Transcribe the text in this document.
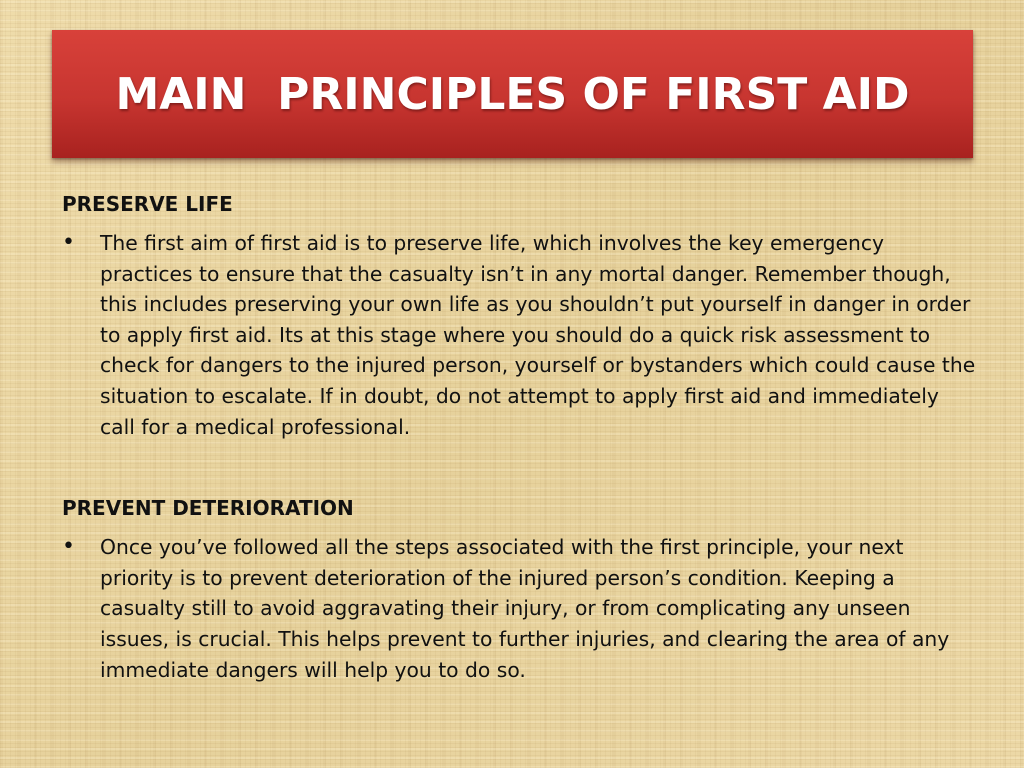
MAIN  PRINCIPLES OF FIRST AID
PRESERVE LIFE
•	The first aim of first aid is to preserve life, which involves the key emergency practices to ensure that the casualty isn’t in any mortal danger. Remember though, this includes preserving your own life as you shouldn’t put yourself in danger in order to apply first aid. Its at this stage where you should do a quick risk assessment to check for dangers to the injured person, yourself or bystanders which could cause the situation to escalate. If in doubt, do not attempt to apply first aid and immediately call for a medical professional.
PREVENT DETERIORATION
•	Once you’ve followed all the steps associated with the first principle, your next priority is to prevent deterioration of the injured person’s condition. Keeping a casualty still to avoid aggravating their injury, or from complicating any unseen issues, is crucial. This helps prevent to further injuries, and clearing the area of any immediate dangers will help you to do so.
